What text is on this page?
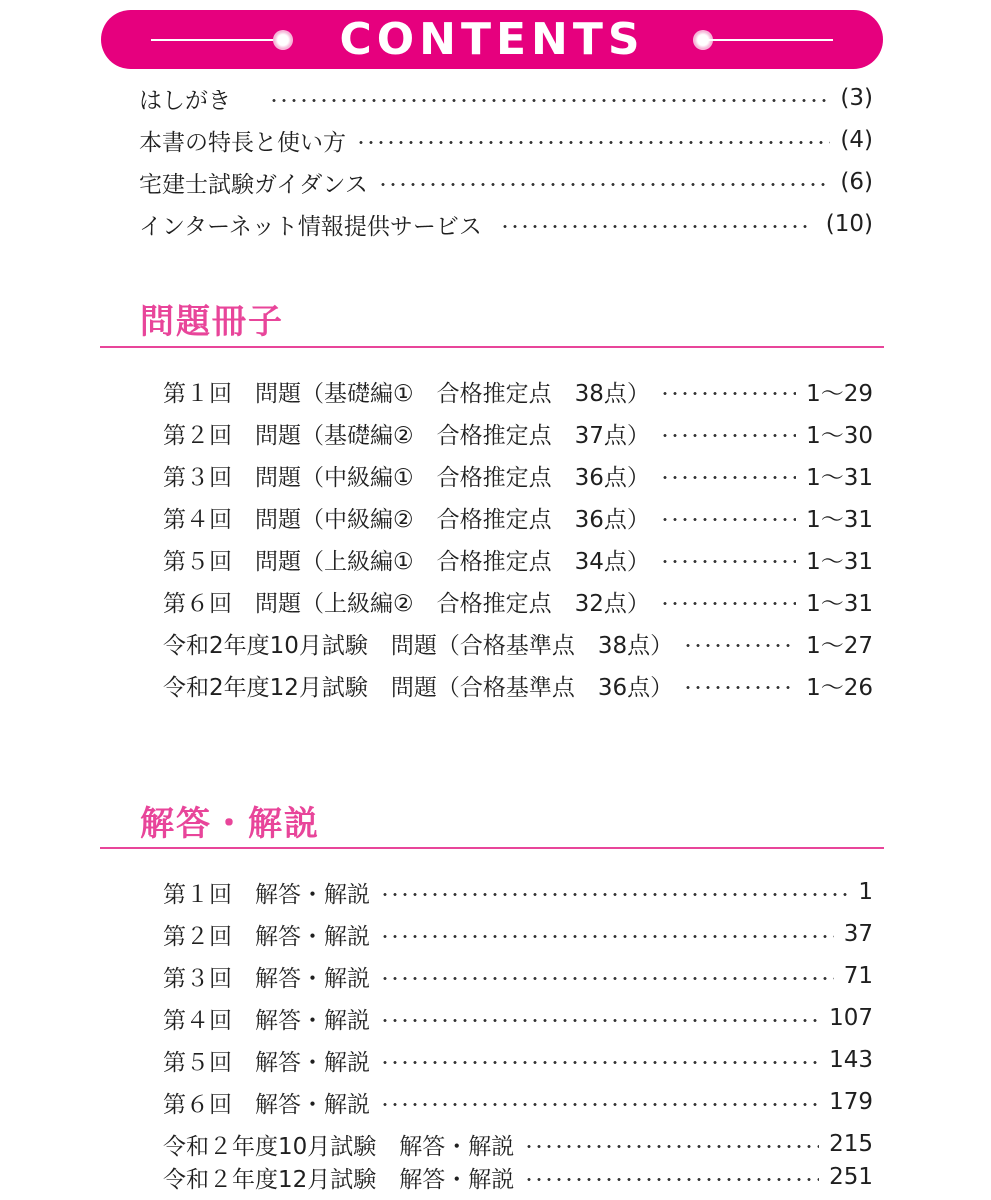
CONTENTS
はしがき	(3)
本書の特長と使い方	(4)
宅建士試験ガイダンス	(6)
インターネット情報提供サービス	(10)
問題冊子
第１回　問題（基礎編①　合格推定点　38点）	1～29
第２回　問題（基礎編②　合格推定点　37点）	1～30
第３回　問題（中級編①　合格推定点　36点）	1～31
第４回　問題（中級編②　合格推定点　36点）	1～31
第５回　問題（上級編①　合格推定点　34点）	1～31
第６回　問題（上級編②　合格推定点　32点）	1～31
令和2年度10月試験　問題（合格基準点　38点）	1～27
令和2年度12月試験　問題（合格基準点　36点）	1～26
解答・解説
第１回　解答・解説	1
第２回　解答・解説	37
第３回　解答・解説	71
第４回　解答・解説	107
第５回　解答・解説	143
第６回　解答・解説	179
令和２年度10月試験　解答・解説	215
令和２年度12月試験　解答・解説	251
